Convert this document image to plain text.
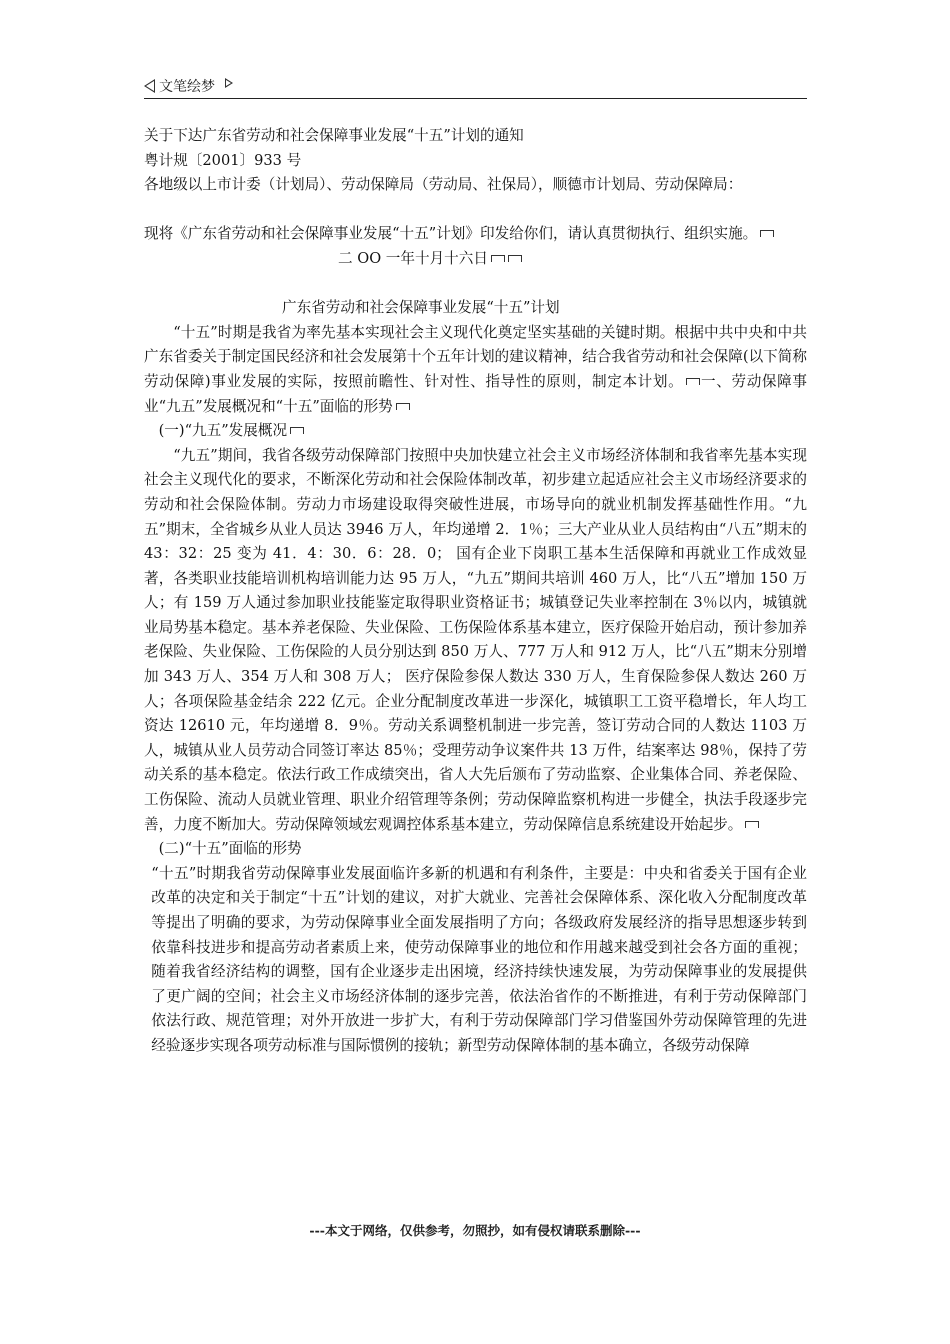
文笔绘梦

关于下达广东省劳动和社会保障事业发展“十五”计划的通知

粤计规〔2001〕933 号

各地级以上市计委（计划局）、劳动保障局（劳动局、社保局），顺德市计划局、劳动保障局：

现将《广东省劳动和社会保障事业发展“十五”计划》印发给你们，请认真贯彻执行、组织实施。

二 OO 一年十月十六日

广东省劳动和社会保障事业发展“十五”计划

“十五”时期是我省为率先基本实现社会主义现代化奠定坚实基础的关键时期。根据中共中央和中共广东省委关于制定国民经济和社会发展第十个五年计划的建议精神，结合我省劳动和社会保障(以下简称劳动保障)事业发展的实际，按照前瞻性、针对性、指导性的原则，制定本计划。 一、劳动保障事业“九五”发展概况和“十五”面临的形势

(一)“九五”发展概况

“九五”期间，我省各级劳动保障部门按照中央加快建立社会主义市场经济体制和我省率先基本实现社会主义现代化的要求，不断深化劳动和社会保险体制改革，初步建立起适应社会主义市场经济要求的劳动和社会保险体制。劳动力市场建设取得突破性进展，市场导向的就业机制发挥基础性作用。“九五”期末，全省城乡从业人员达 3946 万人，年均递增 2．1％；三大产业从业人员结构由“八五”期末的 43：32：25 变为 41．4：30．6：28．0； 国有企业下岗职工基本生活保障和再就业工作成效显著，各类职业技能培训机构培训能力达 95 万人，“九五”期间共培训 460 万人，比“八五”增加 150 万人；有 159 万人通过参加职业技能鉴定取得职业资格证书；城镇登记失业率控制在 3％以内，城镇就业局势基本稳定。基本养老保险、失业保险、工伤保险体系基本建立，医疗保险开始启动，预计参加养老保险、失业保险、工伤保险的人员分别达到 850 万人、777 万人和 912 万人，比“八五”期末分别增加 343 万人、354 万人和 308 万人； 医疗保险参保人数达 330 万人，生育保险参保人数达 260 万人；各项保险基金结余 222 亿元。企业分配制度改革进一步深化，城镇职工工资平稳增长，年人均工资达 12610 元，年均递增 8．9％。劳动关系调整机制进一步完善，签订劳动合同的人数达 1103 万人，城镇从业人员劳动合同签订率达 85％；受理劳动争议案件共 13 万件，结案率达 98％，保持了劳动关系的基本稳定。依法行政工作成绩突出，省人大先后颁布了劳动监察、企业集体合同、养老保险、工伤保险、流动人员就业管理、职业介绍管理等条例；劳动保障监察机构进一步健全，执法手段逐步完善，力度不断加大。劳动保障领域宏观调控体系基本建立，劳动保障信息系统建设开始起步。

(二)“十五”面临的形势

“十五”时期我省劳动保障事业发展面临许多新的机遇和有利条件，主要是：中央和省委关于国有企业改革的决定和关于制定“十五”计划的建议，对扩大就业、完善社会保障体系、深化收入分配制度改革等提出了明确的要求，为劳动保障事业全面发展指明了方向；各级政府发展经济的指导思想逐步转到依靠科技进步和提高劳动者素质上来，使劳动保障事业的地位和作用越来越受到社会各方面的重视；随着我省经济结构的调整，国有企业逐步走出困境，经济持续快速发展，为劳动保障事业的发展提供了更广阔的空间；社会主义市场经济体制的逐步完善，依法治省作的不断推进，有利于劳动保障部门依法行政、规范管理；对外开放进一步扩大，有利于劳动保障部门学习借鉴国外劳动保障管理的先进经验逐步实现各项劳动标准与国际惯例的接轨；新型劳动保障体制的基本确立，各级劳动保障

---本文于网络，仅供参考，勿照抄，如有侵权请联系删除---
